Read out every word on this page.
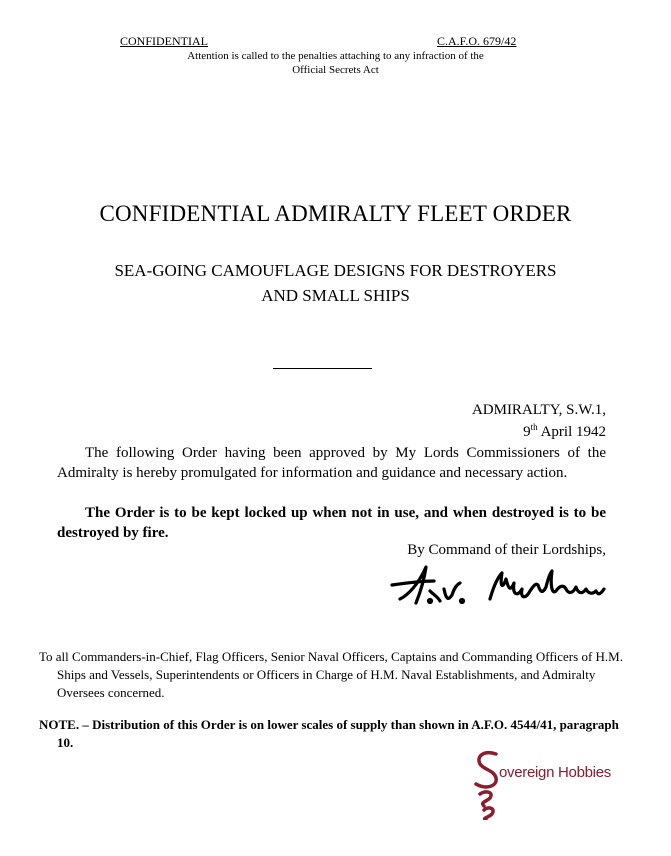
CONFIDENTIAL	C.A.F.O. 679/42
Attention is called to the penalties attaching to any infraction of the
Official Secrets Act
CONFIDENTIAL ADMIRALTY FLEET ORDER
SEA-GOING CAMOUFLAGE DESIGNS FOR DESTROYERS
AND SMALL SHIPS
ADMIRALTY, S.W.1,
9th April 1942

The following Order having been approved by My Lords Commissioners of the Admiralty is hereby promulgated for information and guidance and necessary action.

The Order is to be kept locked up when not in use, and when destroyed is to be destroyed by fire.

By Command of their Lordships,

To all Commanders-in-Chief, Flag Officers, Senior Naval Officers, Captains and Commanding Officers of H.M. Ships and Vessels, Superintendents or Officers in Charge of H.M. Naval Establishments, and Admiralty Oversees concerned.

NOTE. – Distribution of this Order is on lower scales of supply than shown in A.F.O. 4544/41, paragraph 10.

overeign Hobbies
